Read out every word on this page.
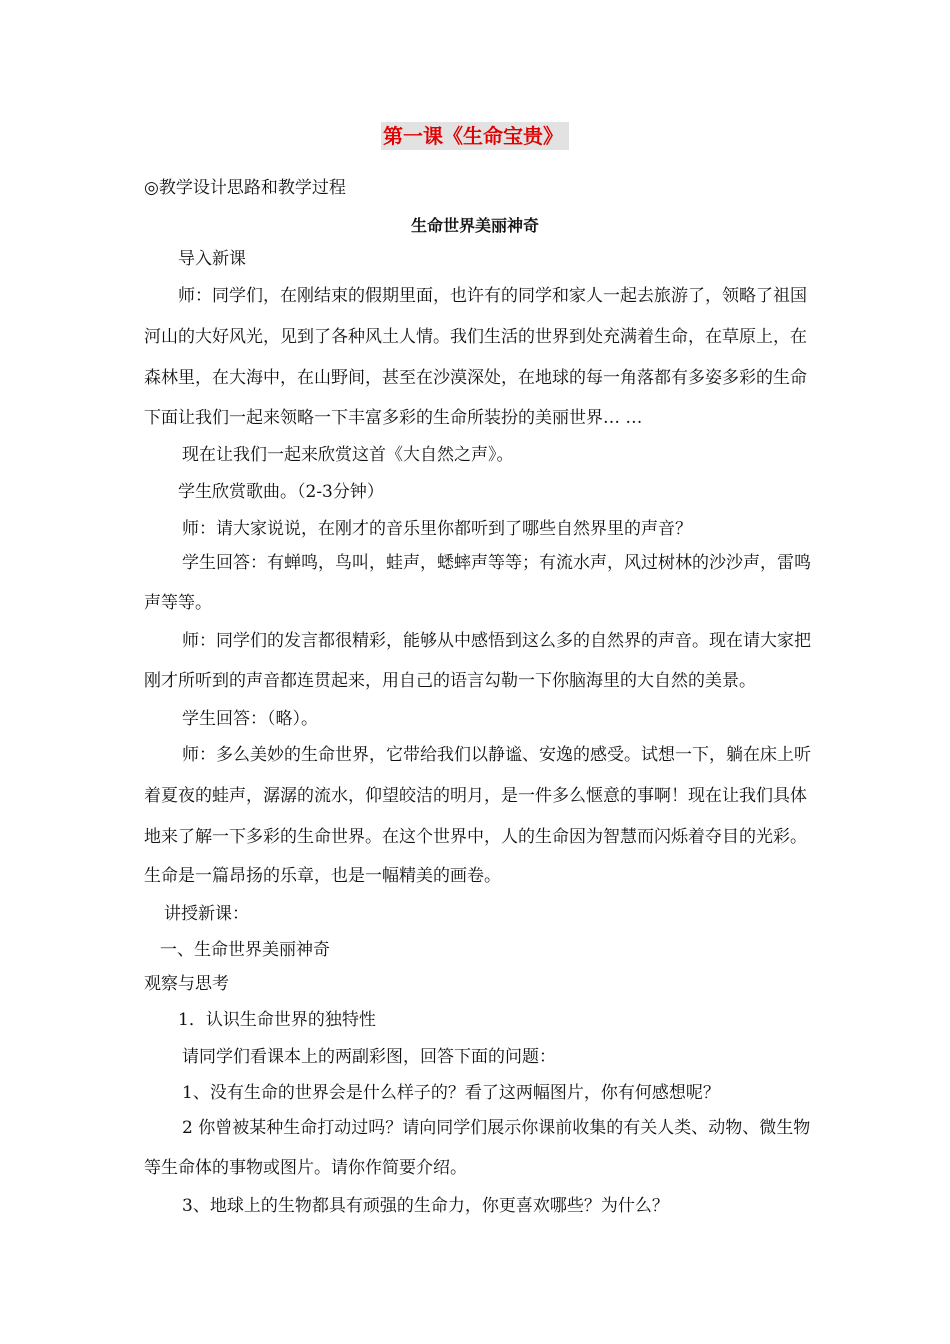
第一课《生命宝贵》
◎教学设计思路和教学过程
生命世界美丽神奇
导入新课
师：同学们，在刚结束的假期里面，也许有的同学和家人一起去旅游了，领略了祖国
河山的大好风光，见到了各种风土人情。我们生活的世界到处充满着生命，在草原上，在
森林里，在大海中，在山野间，甚至在沙漠深处，在地球的每一角落都有多姿多彩的生命
下面让我们一起来领略一下丰富多彩的生命所装扮的美丽世界… …
现在让我们一起来欣赏这首《大自然之声》。
学生欣赏歌曲。（2-3分钟）
师：请大家说说，在刚才的音乐里你都听到了哪些自然界里的声音？
学生回答：有蝉鸣，鸟叫，蛙声，蟋蟀声等等；有流水声，风过树林的沙沙声，雷鸣
声等等。
师：同学们的发言都很精彩，能够从中感悟到这么多的自然界的声音。现在请大家把
刚才所听到的声音都连贯起来，用自己的语言勾勒一下你脑海里的大自然的美景。
学生回答：（略）。
师：多么美妙的生命世界，它带给我们以静谧、安逸的感受。试想一下，躺在床上听
着夏夜的蛙声，潺潺的流水，仰望皎洁的明月，是一件多么惬意的事啊！现在让我们具体
地来了解一下多彩的生命世界。在这个世界中，人的生命因为智慧而闪烁着夺目的光彩。
生命是一篇昂扬的乐章，也是一幅精美的画卷。
讲授新课：
一、生命世界美丽神奇
观察与思考
1．认识生命世界的独特性
请同学们看课本上的两副彩图，回答下面的问题：
1、没有生命的世界会是什么样子的？看了这两幅图片，你有何感想呢？
2 你曾被某种生命打动过吗？请向同学们展示你课前收集的有关人类、动物、微生物
等生命体的事物或图片。请你作简要介绍。
3、地球上的生物都具有顽强的生命力，你更喜欢哪些？为什么？
